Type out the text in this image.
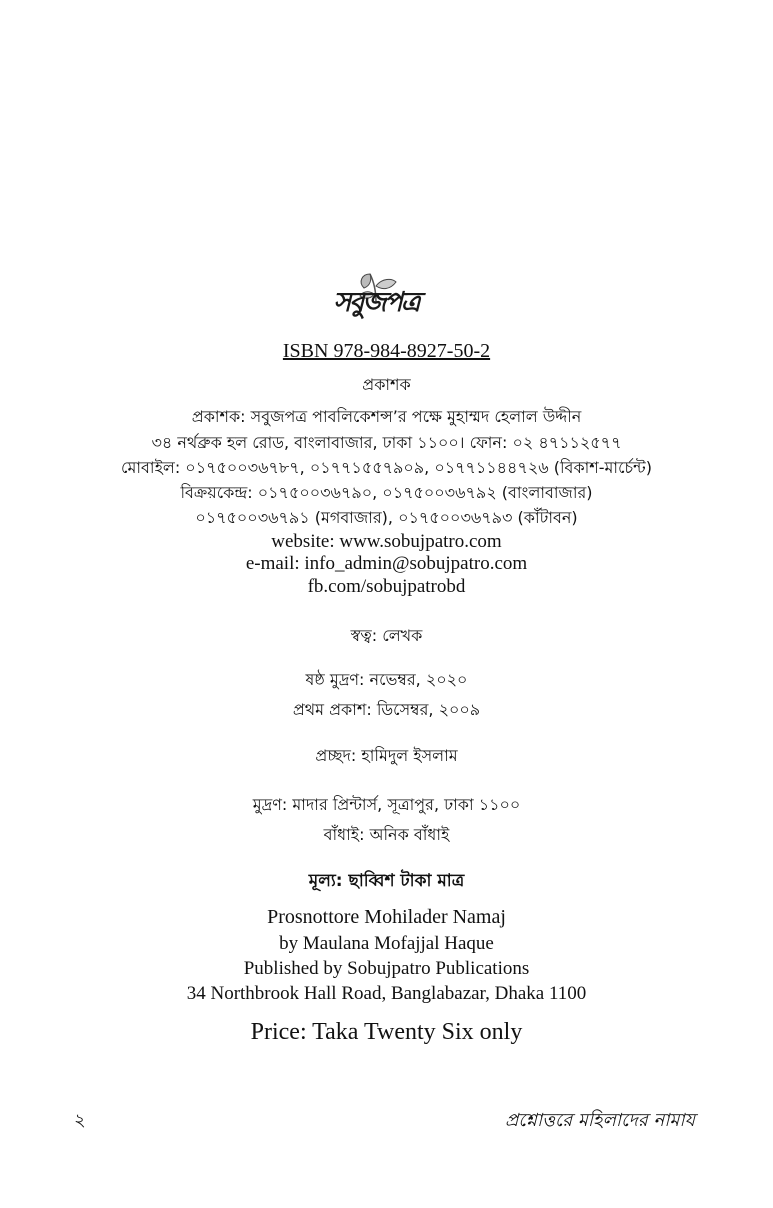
সবুজপত্র
ISBN 978-984-8927-50-2
প্রকাশক
প্রকাশক: সবুজপত্র পাবলিকেশন্স’র পক্ষে মুহাম্মদ হেলাল উদ্দীন
৩৪ নর্থব্রুক হল রোড, বাংলাবাজার, ঢাকা ১১০০। ফোন: ০২ ৪৭১১২৫৭৭
মোবাইল: ০১৭৫০০৩৬৭৮৭, ০১৭৭১৫৫৭৯০৯, ০১৭৭১১৪৪৭২৬ (বিকাশ-মার্চেন্ট)
বিক্রয়কেন্দ্র: ০১৭৫০০৩৬৭৯০, ০১৭৫০০৩৬৭৯২ (বাংলাবাজার)
০১৭৫০০৩৬৭৯১ (মগবাজার), ০১৭৫০০৩৬৭৯৩ (কাঁটাবন)
website: www.sobujpatro.com
e-mail: info_admin@sobujpatro.com
fb.com/sobujpatrobd
স্বত্ব: লেখক
ষষ্ঠ মুদ্রণ: নভেম্বর, ২০২০
প্রথম প্রকাশ: ডিসেম্বর, ২০০৯
প্রচ্ছদ: হামিদুল ইসলাম
মুদ্রণ: মাদার প্রিন্টার্স, সূত্রাপুর, ঢাকা ১১০০
বাঁধাই: অনিক বাঁধাই
মূল্য: ছাব্বিশ টাকা মাত্র
Prosnottore Mohilader Namaj
by Maulana Mofajjal Haque
Published by Sobujpatro Publications
34 Northbrook Hall Road, Banglabazar, Dhaka 1100
Price: Taka Twenty Six only
২	প্রশ্নোত্তরে মহিলাদের নামায
